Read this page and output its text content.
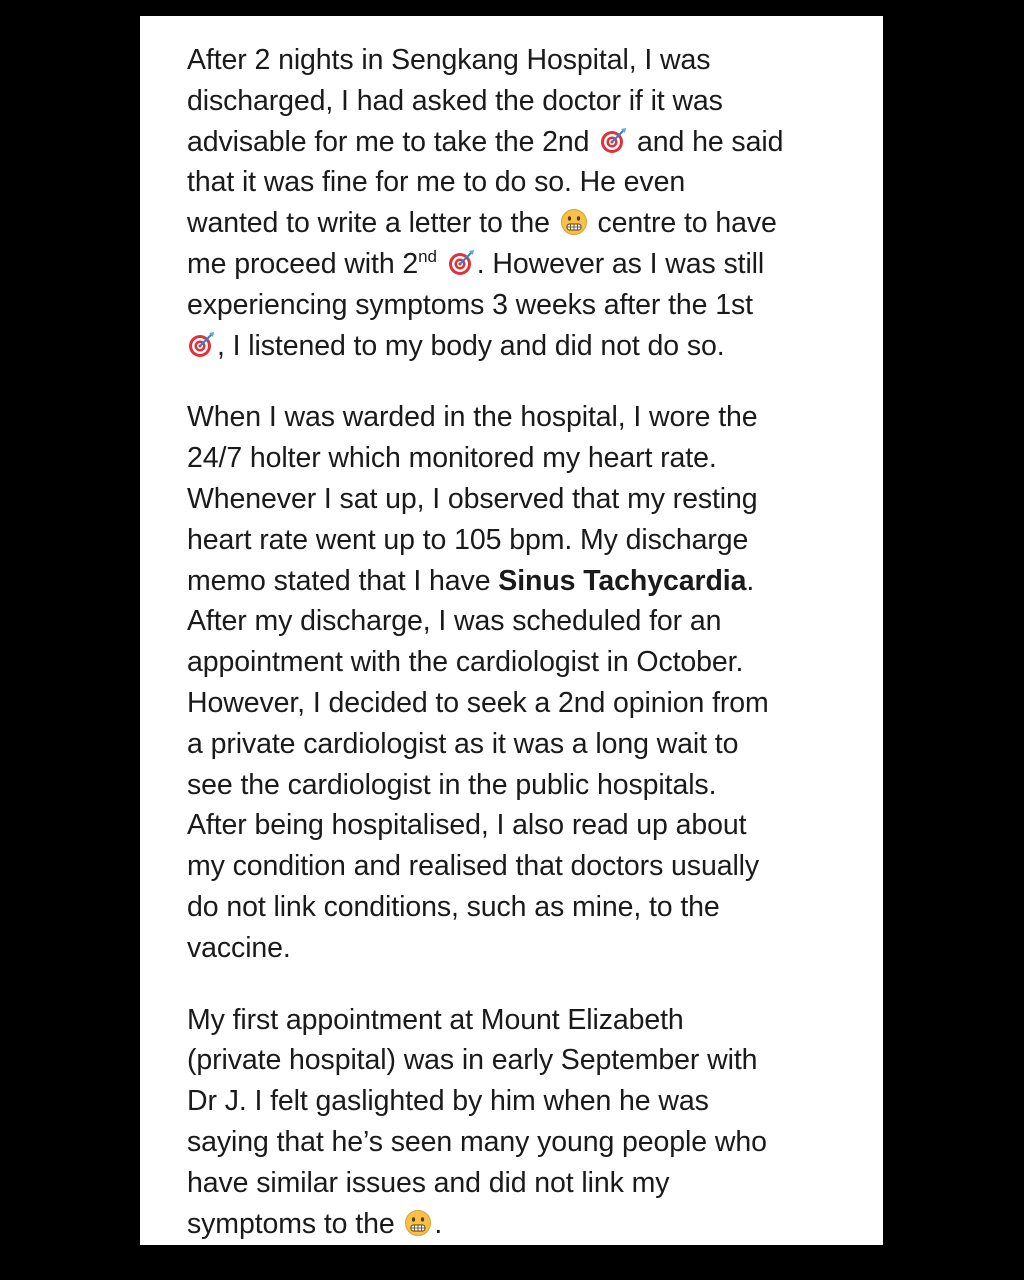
After 2 nights in Sengkang Hospital, I was
discharged, I had asked the doctor if it was
advisable for me to take the 2nd and he said
that it was fine for me to do so. He even
wanted to write a letter to the centre to have
me proceed with 2nd . However as I was still
experiencing symptoms 3 weeks after the 1st
, I listened to my body and did not do so.

When I was warded in the hospital, I wore the
24/7 holter which monitored my heart rate.
Whenever I sat up, I observed that my resting
heart rate went up to 105 bpm. My discharge
memo stated that I have Sinus Tachycardia.
After my discharge, I was scheduled for an
appointment with the cardiologist in October.
However, I decided to seek a 2nd opinion from
a private cardiologist as it was a long wait to
see the cardiologist in the public hospitals.
After being hospitalised, I also read up about
my condition and realised that doctors usually
do not link conditions, such as mine, to the
vaccine.

My first appointment at Mount Elizabeth
(private hospital) was in early September with
Dr J. I felt gaslighted by him when he was
saying that he’s seen many young people who
have similar issues and did not link my
symptoms to the .
